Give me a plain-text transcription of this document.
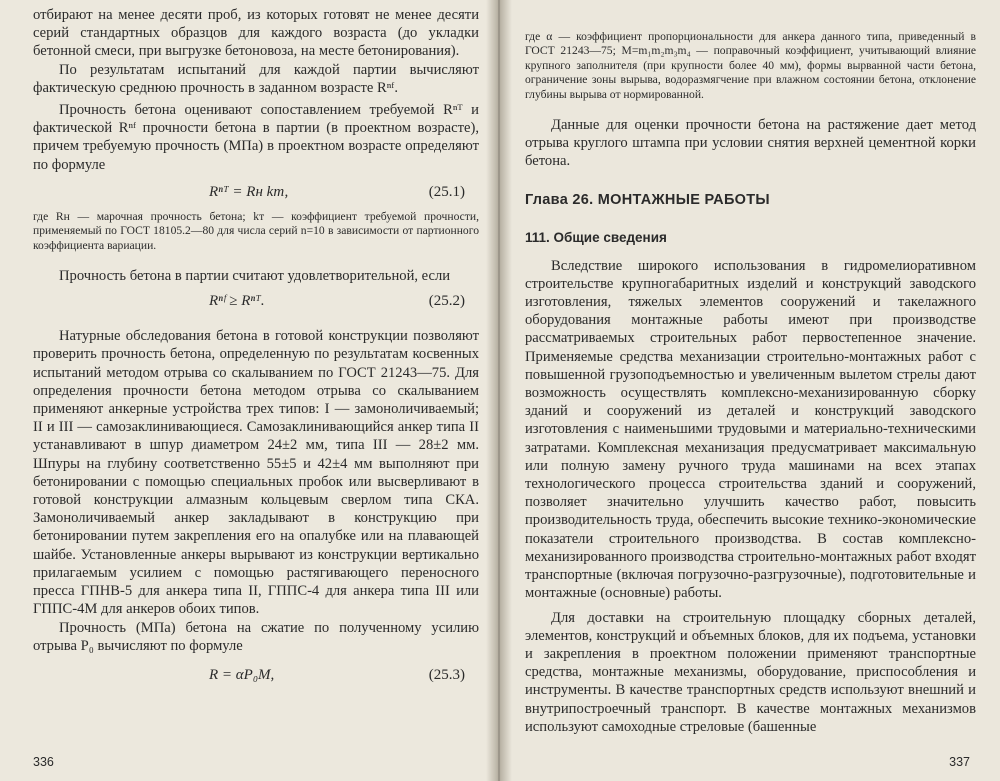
отбирают на менее десяти проб, из которых готовят не менее десяти серий стандартных образцов для каждого возраста (до укладки бетонной смеси, при выгрузке бетоновоза, на месте бетонирования).

По результатам испытаний для каждой партии вычисляют фактическую среднюю прочность в заданном возрасте Rⁿᶠ.

Прочность бетона оценивают сопоставлением требуемой Rⁿᵀ и фактической Rⁿᶠ прочности бетона в партии (в проектном возрасте), причем требуемую прочность (МПа) в проектном возрасте определяют по формуле

Rⁿᵀ = Rн kт,	(25.1)

где Rн — марочная прочность бетона; kт — коэффициент требуемой прочности, применяемый по ГОСТ 18105.2—80 для числа серий n=10 в зависимости от партионного коэффициента вариации.

Прочность бетона в партии считают удовлетворительной, если

Rⁿᶠ ≥ Rⁿᵀ.	(25.2)

Натурные обследования бетона в готовой конструкции позволяют проверить прочность бетона, определенную по результатам косвенных испытаний методом отрыва со скалыванием по ГОСТ 21243—75. Для определения прочности бетона методом отрыва со скалыванием применяют анкерные устройства трех типов: I — замоноличиваемый; II и III — самозаклинивающиеся. Самозаклинивающийся анкер типа II устанавливают в шпур диаметром 24±2 мм, типа III — 28±2 мм. Шпуры на глубину соответственно 55±5 и 42±4 мм выполняют при бетонировании с помощью специальных пробок или высверливают в готовой конструкции алмазным кольцевым сверлом типа СКА. Замоноличиваемый анкер закладывают в конструкцию при бетонировании путем закрепления его на опалубке или на плавающей шайбе. Установленные анкеры вырывают из конструкции вертикально прилагаемым усилием с помощью растягивающего переносного пресса ГПНВ-5 для анкера типа II, ГППС-4 для анкера типа III или ГППС-4М для анкеров обоих типов.

Прочность (МПа) бетона на сжатие по полученному усилию отрыва P₀ вычисляют по формуле

R = αP₀M,	(25.3)
336

где α — коэффициент пропорциональности для анкера данного типа, приведенный в ГОСТ 21243—75; M=m₁m₂m₃m₄ — поправочный коэффициент, учитывающий влияние крупного заполнителя (при крупности более 40 мм), формы вырванной части бетона, ограничение зоны вырыва, водоразмягчение при влажном состоянии бетона, отклонение глубины вырыва от нормированной.

Данные для оценки прочности бетона на растяжение дает метод отрыва круглого штампа при условии снятия верхней цементной корки бетона.

Глава 26. МОНТАЖНЫЕ РАБОТЫ
111. Общие сведения

Вследствие широкого использования в гидромелиоративном строительстве крупногабаритных изделий и конструкций заводского изготовления, тяжелых элементов сооружений и такелажного оборудования монтажные работы имеют при производстве рассматриваемых строительных работ первостепенное значение. Применяемые средства механизации строительно-монтажных работ с повышенной грузоподъемностью и увеличенным вылетом стрелы дают возможность осуществлять комплексно-механизированную сборку зданий и сооружений из деталей и конструкций заводского изготовления с наименьшими трудовыми и материально-техническими затратами. Комплексная механизация предусматривает максимальную или полную замену ручного труда машинами на всех этапах технологического процесса строительства зданий и сооружений, позволяет значительно улучшить качество работ, повысить производительность труда, обеспечить высокие технико-экономические показатели строительного производства. В состав комплексно-механизированного производства строительно-монтажных работ входят транспортные (включая погрузочно-разгрузочные), подготовительные и монтажные (основные) работы.

Для доставки на строительную площадку сборных деталей, элементов, конструкций и объемных блоков, для их подъема, установки и закрепления в проектном положении применяют транспортные средства, монтажные механизмы, оборудование, приспособления и инструменты. В качестве транспортных средств используют внешний и внутрипостроечный транспорт. В качестве монтажных механизмов используют самоходные стреловые (башенные

337
